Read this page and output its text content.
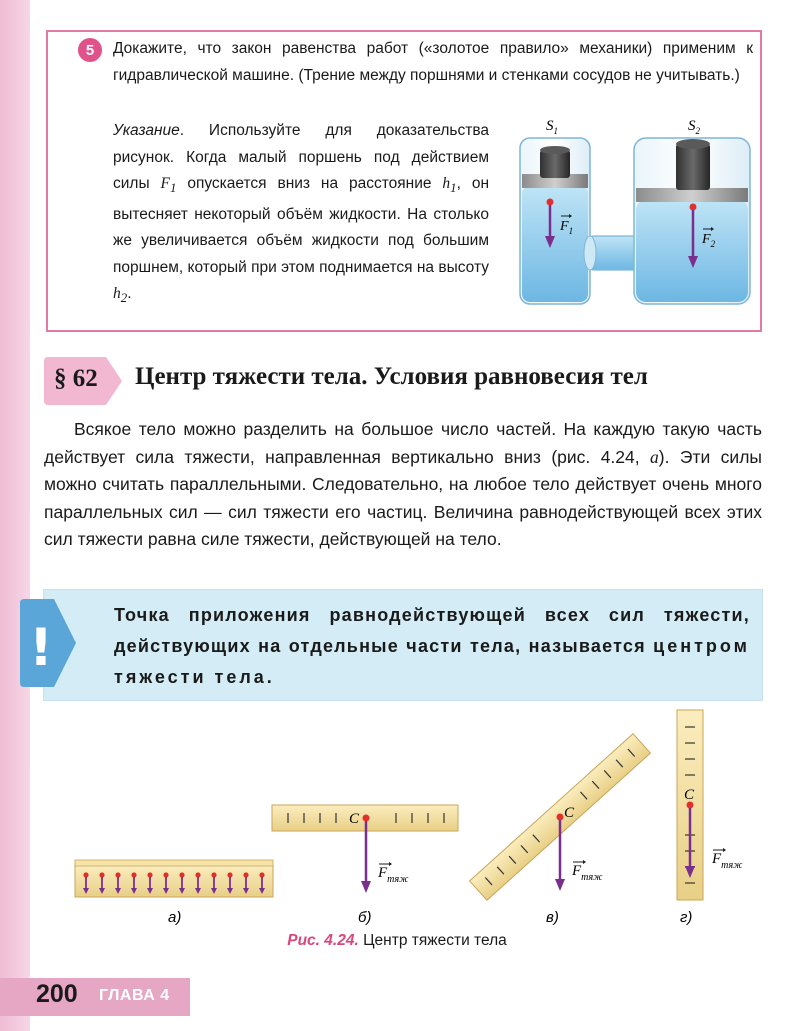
5	Докажите, что закон равенства работ («золотое правило» механики) применим к гидравлической машине. (Трение между поршнями и стенками сосудов не учитывать.)
Указание. Используйте для доказательства рисунок. Когда малый поршень под действием силы $F_1$ опускается вниз на расстояние $h_1$, он вытесняет некоторый объём жидкости. На столько же увеличивается объём жидкости под большим поршнем, который при этом поднимается на высоту $h_2$.
$S_1$	$S_2$
$F_1$
$F_2$
§ 62 Центр тяжести тела. Условия равновесия тел
Всякое тело можно разделить на большое число частей. На каждую такую часть действует сила тяжести, направленная вертикально вниз (рис. 4.24, а). Эти силы можно считать параллельными. Следовательно, на любое тело действует очень много параллельных сил — сил тяжести его частиц. Величина равнодействующей всех этих сил тяжести равна силе тяжести, действующей на тело.
!
Точка приложения равнодействующей всех сил тяжести, действующих на отдельные части тела, называется центром тяжести тела.
а)
C
$F_{тяж}$
б)
C
$F_{тяж}$
в)
C
$F_{тяж}$
г)
Рис. 4.24. Центр тяжести тела
200 ГЛАВА 4
